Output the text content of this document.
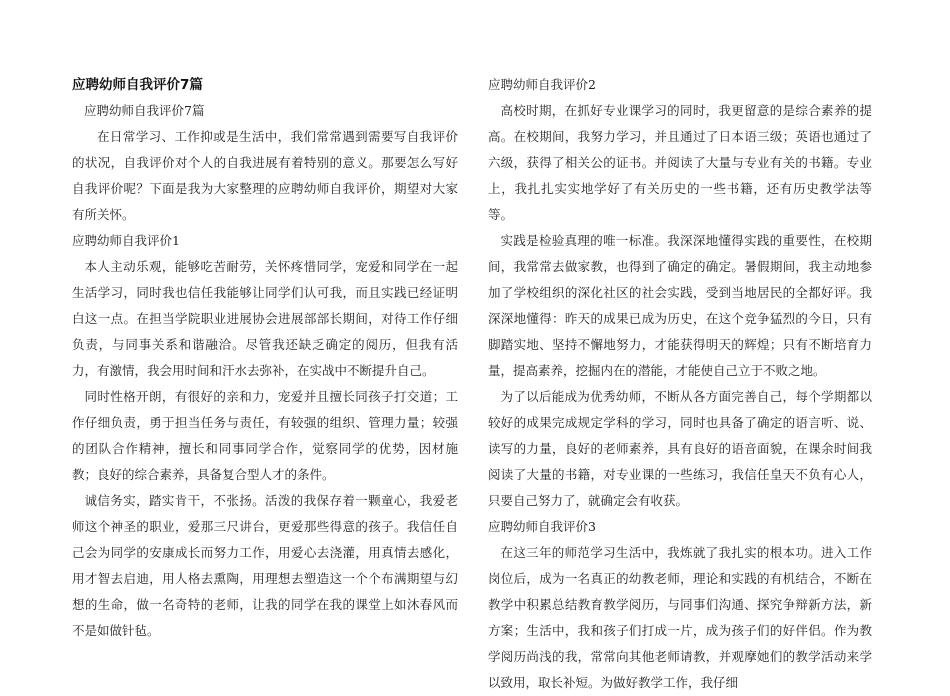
应聘幼师自我评价7篇
应聘幼师自我评价7篇

在日常学习、工作抑或是生活中，我们常常遇到需要写自我评价的状况，自我评价对个人的自我进展有着特别的意义。那要怎么写好自我评价呢？下面是我为大家整理的应聘幼师自我评价，期望对大家有所关怀。

应聘幼师自我评价1

本人主动乐观，能够吃苦耐劳，关怀疼惜同学，宠爱和同学在一起生活学习，同时我也信任我能够让同学们认可我，而且实践已经证明白这一点。在担当学院职业进展协会进展部部长期间，对待工作仔细负责，与同事关系和谐融洽。尽管我还缺乏确定的阅历，但我有活力，有激情，我会用时间和汗水去弥补，在实战中不断提升自己。

同时性格开朗，有很好的亲和力，宠爱并且擅长同孩子打交道；工作仔细负责，勇于担当任务与责任，有较强的组织、管理力量；较强的团队合作精神，擅长和同事同学合作，觉察同学的优势，因材施教；良好的综合素养，具备复合型人才的条件。

诚信务实，踏实肯干，不张扬。活泼的我保存着一颗童心，我爱老师这个神圣的职业，爱那三尺讲台，更爱那些得意的孩子。我信任自己会为同学的安康成长而努力工作，用爱心去浇灌，用真情去感化，用才智去启迪，用人格去熏陶，用理想去塑造这一个个布满期望与幻想的生命，做一名奇特的老师，让我的同学在我的课堂上如沐春风而不是如做针毡。

应聘幼师自我评价2

高校时期，在抓好专业课学习的同时，我更留意的是综合素养的提高。在校期间，我努力学习，并且通过了日本语三级；英语也通过了六级，获得了相关公的证书。并阅读了大量与专业有关的书籍。专业上，我扎扎实实地学好了有关历史的一些书籍，还有历史教学法等等。

实践是检验真理的唯一标准。我深深地懂得实践的重要性，在校期间，我常常去做家教，也得到了确定的确定。暑假期间，我主动地参加了学校组织的深化社区的社会实践，受到当地居民的全都好评。我深深地懂得：昨天的成果已成为历史，在这个竞争猛烈的今日，只有脚踏实地、坚持不懈地努力，才能获得明天的辉煌；只有不断培育力量，提高素养，挖掘内在的潜能，才能使自己立于不败之地。

为了以后能成为优秀幼师，不断从各方面完善自己，每个学期都以较好的成果完成规定学科的学习，同时也具备了确定的语言听、说、读写的力量，良好的老师素养，具有良好的语音面貌，在课余时间我阅读了大量的书籍，对专业课的一些练习，我信任皇天不负有心人，只要自己努力了，就确定会有收获。

应聘幼师自我评价3

在这三年的师范学习生活中，我炼就了我扎实的根本功。进入工作岗位后，成为一名真正的幼教老师，理论和实践的有机结合，不断在教学中积累总结教育教学阅历，与同事们沟通、探究争辩新方法，新方案；生活中，我和孩子们打成一片，成为孩子们的好伴侣。作为教学阅历尚浅的我，常常向其他老师请教，并观摩她们的教学活动来学以致用，取长补短。为做好教学工作，我仔细
